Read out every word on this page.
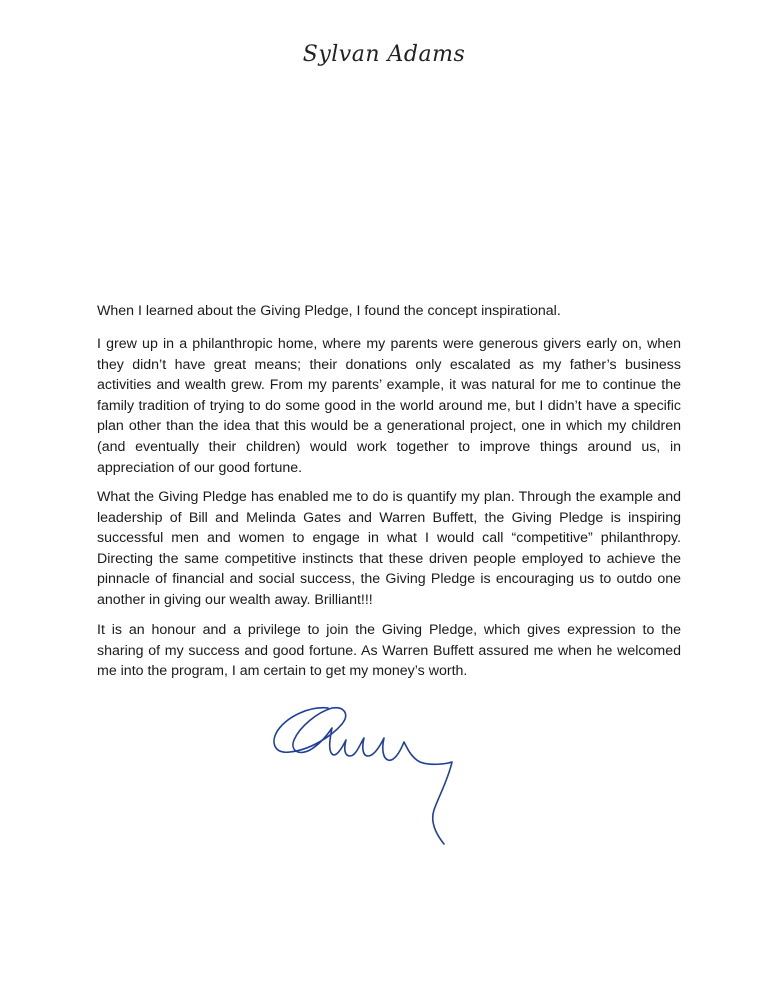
Sylvan Adams

When I learned about the Giving Pledge, I found the concept inspirational.

I grew up in a philanthropic home, where my parents were generous givers early on, when they didn’t have great means; their donations only escalated as my father’s business activities and wealth grew. From my parents’ example, it was natural for me to continue the family tradition of trying to do some good in the world around me, but I didn’t have a specific plan other than the idea that this would be a generational project, one in which my children (and eventually their children) would work together to improve things around us, in appreciation of our good fortune.

What the Giving Pledge has enabled me to do is quantify my plan. Through the example and leadership of Bill and Melinda Gates and Warren Buffett, the Giving Pledge is inspiring successful men and women to engage in what I would call “competitive” philanthropy. Directing the same competitive instincts that these driven people employed to achieve the pinnacle of financial and social success, the Giving Pledge is encouraging us to outdo one another in giving our wealth away. Brilliant!!!

It is an honour and a privilege to join the Giving Pledge, which gives expression to the sharing of my success and good fortune. As Warren Buffett assured me when he welcomed me into the program, I am certain to get my money’s worth.
